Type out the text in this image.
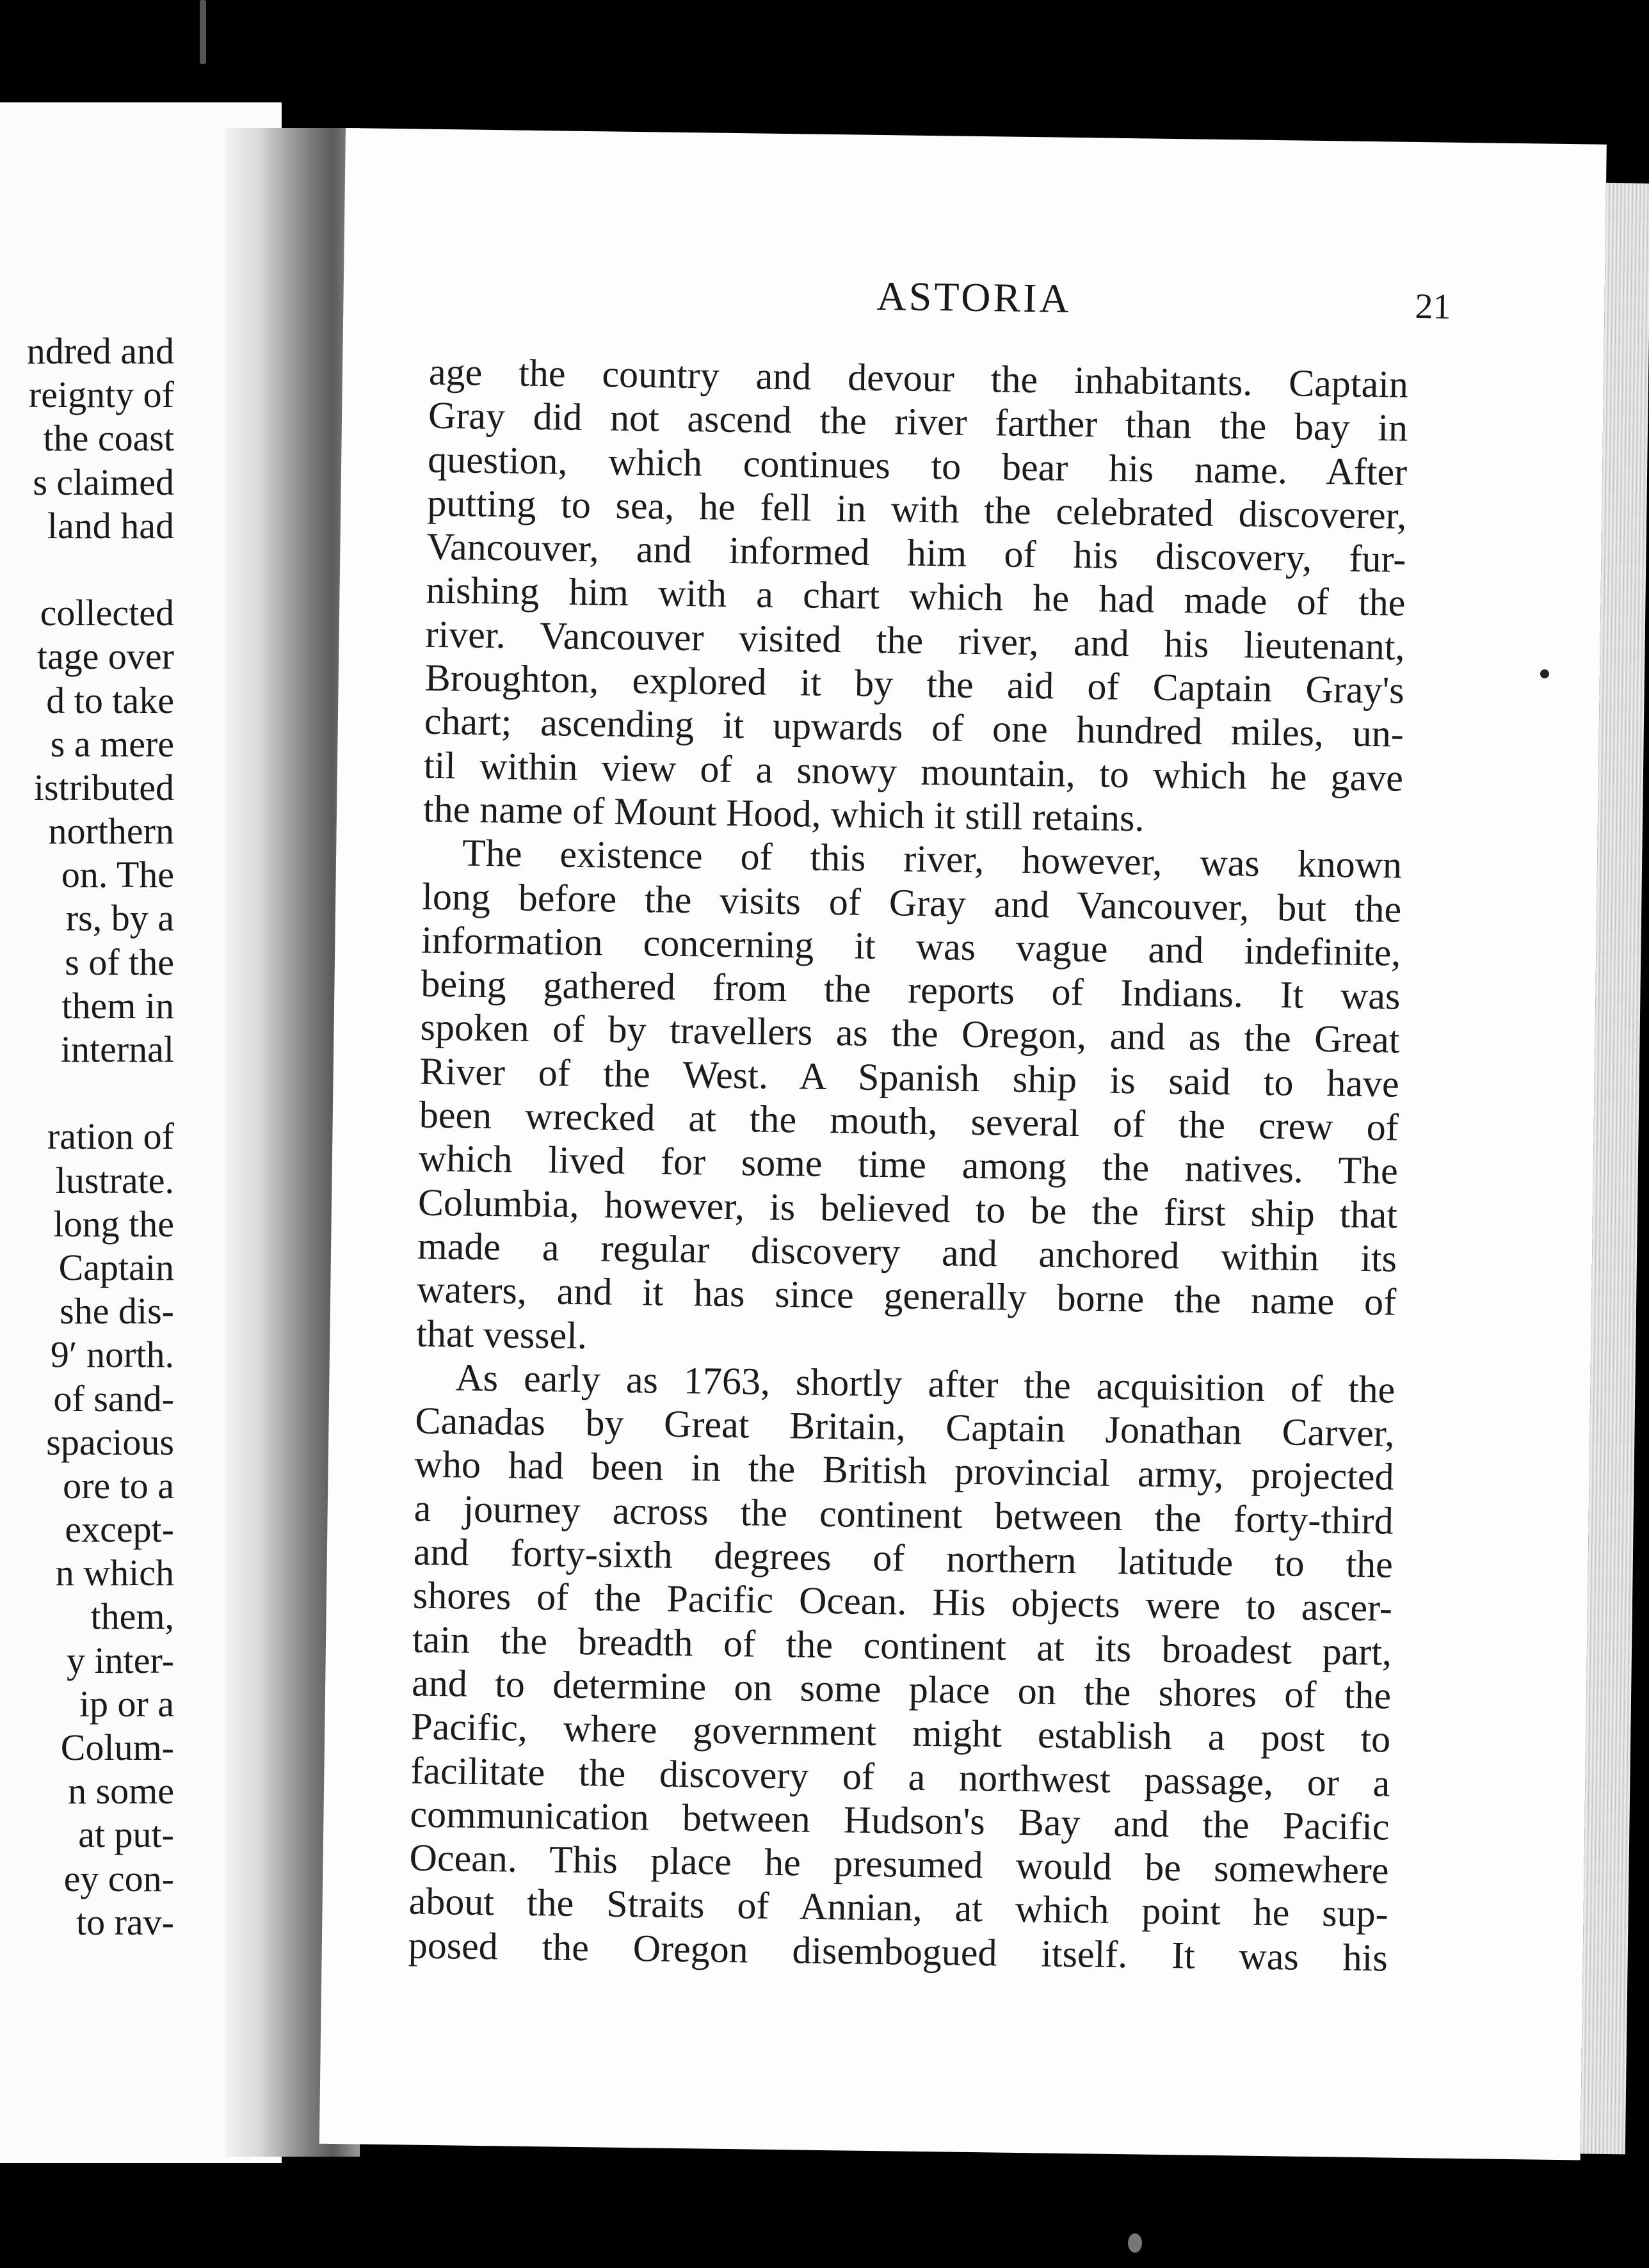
ndred and
reignty of
the coast
s claimed
land had
collected
tage over
d to take
s a mere
istributed
northern
on. The
rs, by a
s of the
them in
internal
ration of
lustrate.
long the
Captain
she dis-
9′ north.
of sand-
spacious
ore to a
except-
n which
them,
y inter-
ip or a
Colum-
n some
at put-
ey con-
to rav-
ASTORIA	21
age the country and devour the inhabitants. Captain
Gray did not ascend the river farther than the bay in
question, which continues to bear his name. After
putting to sea, he fell in with the celebrated discoverer,
Vancouver, and informed him of his discovery, fur-
nishing him with a chart which he had made of the
river. Vancouver visited the river, and his lieutenant,
Broughton, explored it by the aid of Captain Gray's
chart; ascending it upwards of one hundred miles, un-
til within view of a snowy mountain, to which he gave
the name of Mount Hood, which it still retains.
The existence of this river, however, was known
long before the visits of Gray and Vancouver, but the
information concerning it was vague and indefinite,
being gathered from the reports of Indians. It was
spoken of by travellers as the Oregon, and as the Great
River of the West. A Spanish ship is said to have
been wrecked at the mouth, several of the crew of
which lived for some time among the natives. The
Columbia, however, is believed to be the first ship that
made a regular discovery and anchored within its
waters, and it has since generally borne the name of
that vessel.
As early as 1763, shortly after the acquisition of the
Canadas by Great Britain, Captain Jonathan Carver,
who had been in the British provincial army, projected
a journey across the continent between the forty-third
and forty-sixth degrees of northern latitude to the
shores of the Pacific Ocean. His objects were to ascer-
tain the breadth of the continent at its broadest part,
and to determine on some place on the shores of the
Pacific, where government might establish a post to
facilitate the discovery of a northwest passage, or a
communication between Hudson's Bay and the Pacific
Ocean. This place he presumed would be somewhere
about the Straits of Annian, at which point he sup-
posed the Oregon disembogued itself. It was his
